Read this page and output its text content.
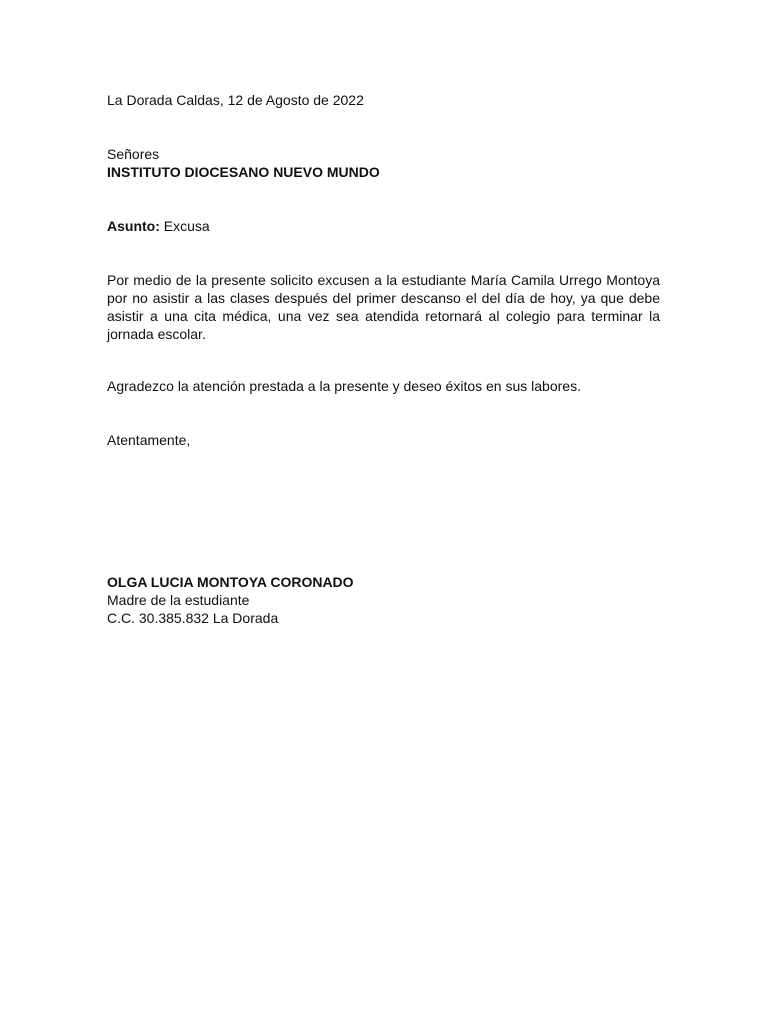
La Dorada Caldas, 12 de Agosto de 2022

Señores

INSTITUTO DIOCESANO NUEVO MUNDO

Asunto: Excusa

Por medio de la presente solicito excusen a la estudiante María Camila Urrego Montoya por no asistir a las clases después del primer descanso el del día de hoy, ya que debe asistir a una cita médica, una vez sea atendida retornará al colegio para terminar la jornada escolar.

Agradezco la atención prestada a la presente y deseo éxitos en sus labores.

Atentamente,

OLGA LUCIA MONTOYA CORONADO

Madre de la estudiante

C.C. 30.385.832 La Dorada
